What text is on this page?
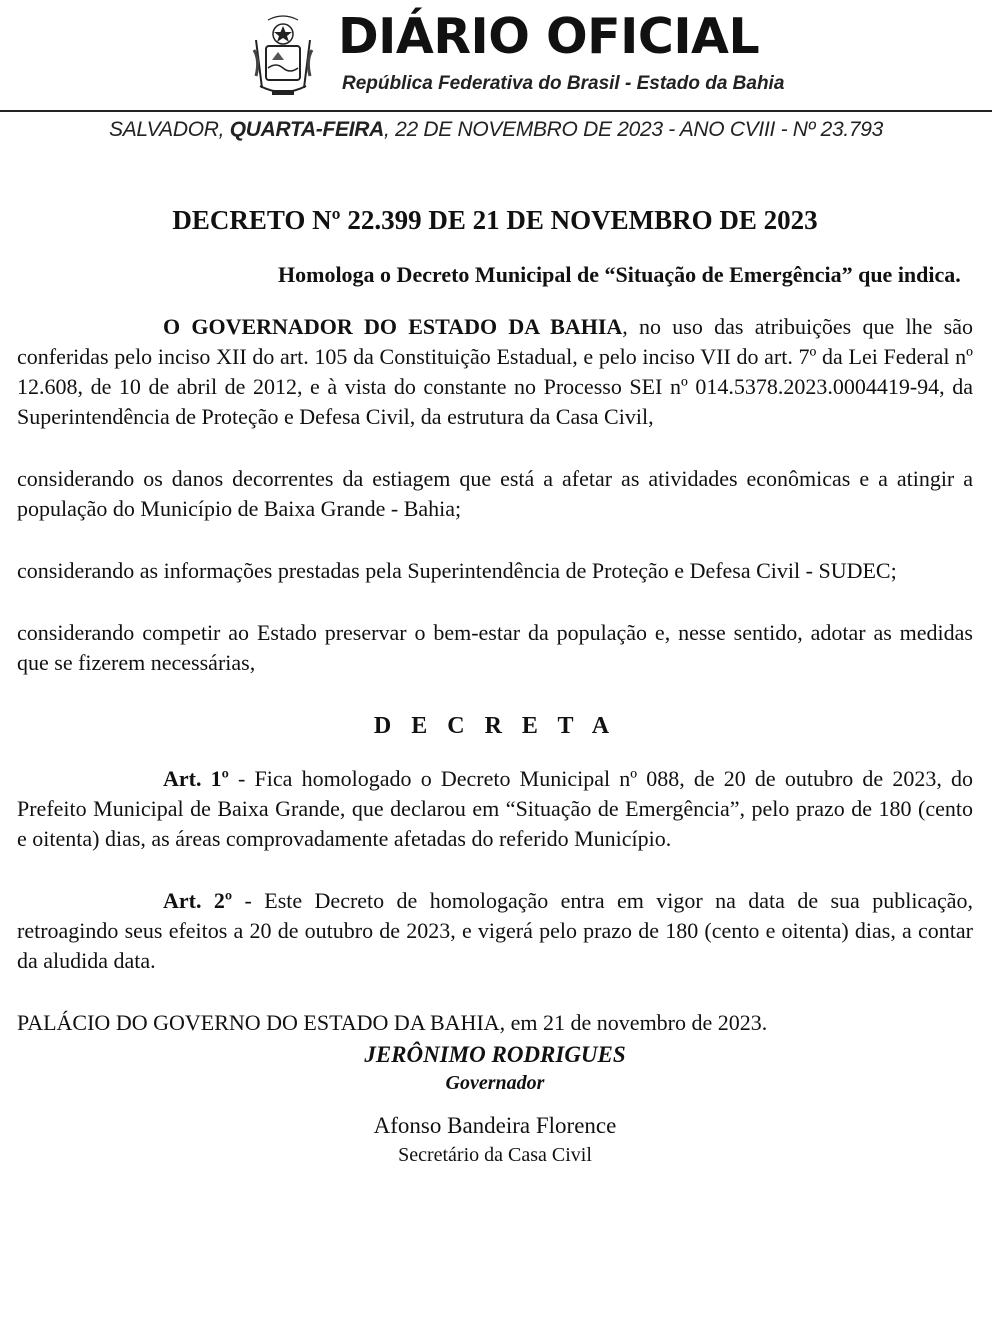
DIÁRIO OFICIAL
República Federativa do Brasil - Estado da Bahia
SALVADOR, QUARTA-FEIRA, 22 DE NOVEMBRO DE 2023 - ANO CVIII - Nº 23.793
DECRETO Nº 22.399 DE 21 DE NOVEMBRO DE 2023
Homologa o Decreto Municipal de “Situação de Emergência” que indica.

O GOVERNADOR DO ESTADO DA BAHIA, no uso das atribuições que lhe são conferidas pelo inciso XII do art. 105 da Constituição Estadual, e pelo inciso VII do art. 7º da Lei Federal nº 12.608, de 10 de abril de 2012, e à vista do constante no Processo SEI nº 014.5378.2023.0004419-94, da Superintendência de Proteção e Defesa Civil, da estrutura da Casa Civil,

considerando os danos decorrentes da estiagem que está a afetar as atividades econômicas e a atingir a população do Município de Baixa Grande - Bahia;

considerando as informações prestadas pela Superintendência de Proteção e Defesa Civil - SUDEC;

considerando competir ao Estado preservar o bem-estar da população e, nesse sentido, adotar as medidas que se fizerem necessárias,

D E C R E T A

Art. 1º - Fica homologado o Decreto Municipal nº 088, de 20 de outubro de 2023, do Prefeito Municipal de Baixa Grande, que declarou em “Situação de Emergência”, pelo prazo de 180 (cento e oitenta) dias, as áreas comprovadamente afetadas do referido Município.

Art. 2º - Este Decreto de homologação entra em vigor na data de sua publicação, retroagindo seus efeitos a 20 de outubro de 2023, e vigerá pelo prazo de 180 (cento e oitenta) dias, a contar da aludida data.

PALÁCIO DO GOVERNO DO ESTADO DA BAHIA, em 21 de novembro de 2023.

JERÔNIMO RODRIGUES
Governador
Afonso Bandeira Florence
Secretário da Casa Civil
